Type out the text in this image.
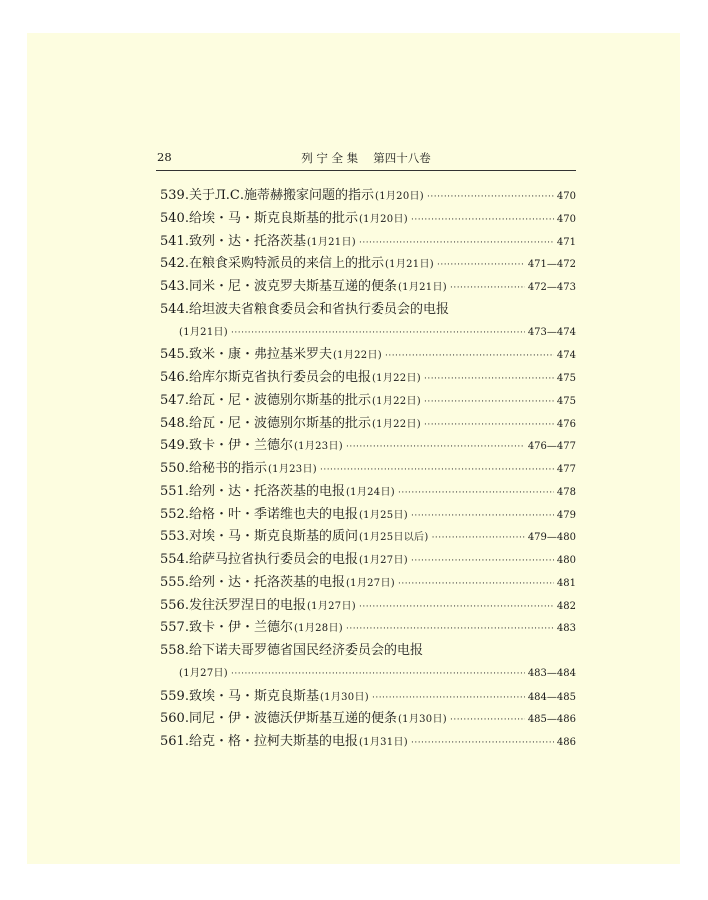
28	列 宁 全 集　 第四十八卷
539.关于Л.С.施蒂赫搬家问题的指示 (1月20日) ·····	470
540.给埃・马・斯克良斯基的批示 (1月20日) ·····	470
541.致列・达・托洛茨基 (1月21日) ·····	471
542.在粮食采购特派员的来信上的批示 (1月21日) ·····	471—472
543.同米・尼・波克罗夫斯基互递的便条 (1月21日) ·····	472—473
544.给坦波夫省粮食委员会和省执行委员会的电报
(1月21日) ·····	473—474
545.致米・康・弗拉基米罗夫 (1月22日) ·····	474
546.给库尔斯克省执行委员会的电报 (1月22日) ·····	475
547.给瓦・尼・波德别尔斯基的批示 (1月22日) ·····	475
548.给瓦・尼・波德别尔斯基的批示 (1月22日) ·····	476
549.致卡・伊・兰德尔 (1月23日) ·····	476—477
550.给秘书的指示 (1月23日) ·····	477
551.给列・达・托洛茨基的电报 (1月24日) ·····	478
552.给格・叶・季诺维也夫的电报 (1月25日) ·····	479
553.对埃・马・斯克良斯基的质问 (1月25日以后) ·····	479—480
554.给萨马拉省执行委员会的电报 (1月27日) ·····	480
555.给列・达・托洛茨基的电报 (1月27日) ·····	481
556.发往沃罗涅日的电报 (1月27日) ·····	482
557.致卡・伊・兰德尔 (1月28日) ·····	483
558.给下诺夫哥罗德省国民经济委员会的电报
(1月27日) ·····	483—484
559.致埃・马・斯克良斯基 (1月30日) ·····	484—485
560.同尼・伊・波德沃伊斯基互递的便条 (1月30日) ·····	485—486
561.给克・格・拉柯夫斯基的电报 (1月31日) ·····	486
